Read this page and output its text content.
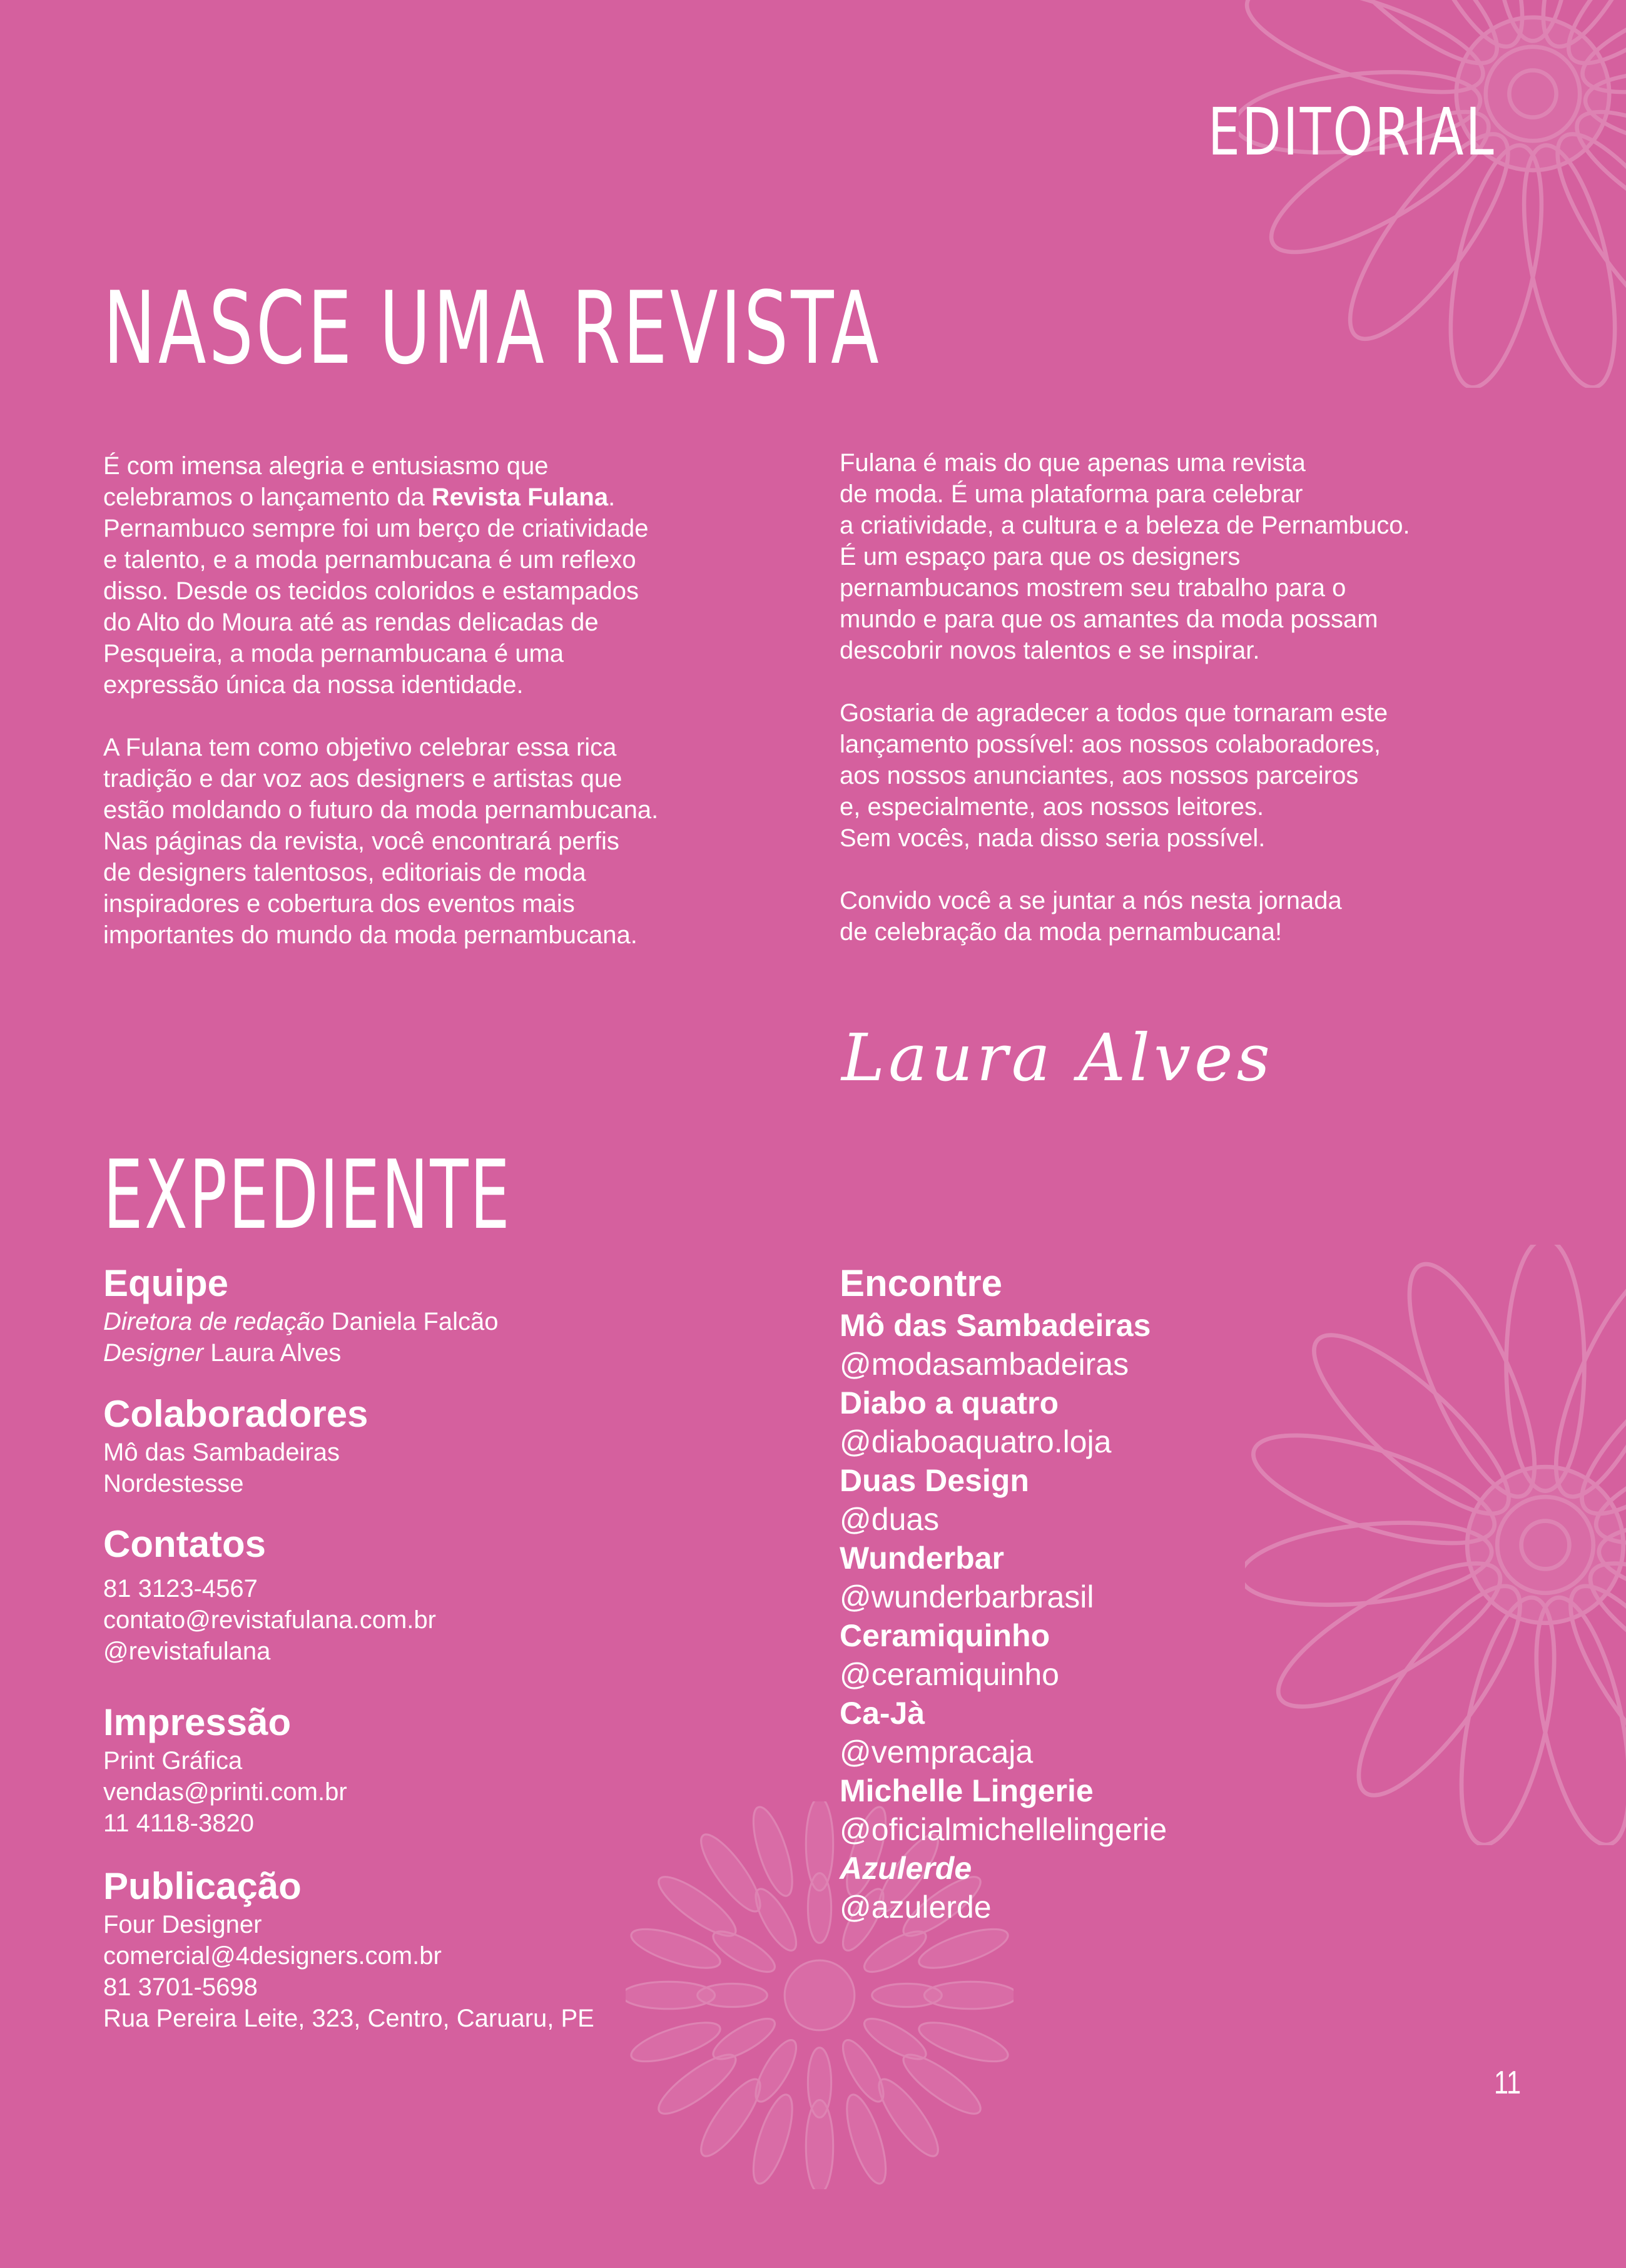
EDITORIAL
NASCE UMA REVISTA

É com imensa alegria e entusiasmo que
celebramos o lançamento da Revista Fulana.
Pernambuco sempre foi um berço de criatividade
e talento, e a moda pernambucana é um reflexo
disso. Desde os tecidos coloridos e estampados
do Alto do Moura até as rendas delicadas de
Pesqueira, a moda pernambucana é uma
expressão única da nossa identidade.

A Fulana tem como objetivo celebrar essa rica
tradição e dar voz aos designers e artistas que
estão moldando o futuro da moda pernambucana.
Nas páginas da revista, você encontrará perfis
de designers talentosos, editoriais de moda
inspiradores e cobertura dos eventos mais
importantes do mundo da moda pernambucana.

Fulana é mais do que apenas uma revista
de moda. É uma plataforma para celebrar
a criatividade, a cultura e a beleza de Pernambuco.
É um espaço para que os designers
pernambucanos mostrem seu trabalho para o
mundo e para que os amantes da moda possam
descobrir novos talentos e se inspirar.

Gostaria de agradecer a todos que tornaram este
lançamento possível: aos nossos colaboradores,
aos nossos anunciantes, aos nossos parceiros
e, especialmente, aos nossos leitores.
Sem vocês, nada disso seria possível.

Convido você a se juntar a nós nesta jornada
de celebração da moda pernambucana!

Laura Alves
EXPEDIENTE
Equipe
Diretora de redação Daniela Falcão
Designer Laura Alves
Colaboradores
Mô das Sambadeiras
Nordestesse
Contatos
81 3123-4567
contato@revistafulana.com.br
@revistafulana
Impressão
Print Gráfica
vendas@printi.com.br
11 4118-3820
Publicação
Four Designer
comercial@4designers.com.br
81 3701-5698
Rua Pereira Leite, 323, Centro, Caruaru, PE
Encontre
Mô das Sambadeiras
@modasambadeiras
Diabo a quatro
@diaboaquatro.loja
Duas Design
@duas
Wunderbar
@wunderbarbrasil
Ceramiquinho
@ceramiquinho
Ca-Jà
@vempracaja
Michelle Lingerie
@oficialmichellelingerie
Azulerde
@azulerde
11
